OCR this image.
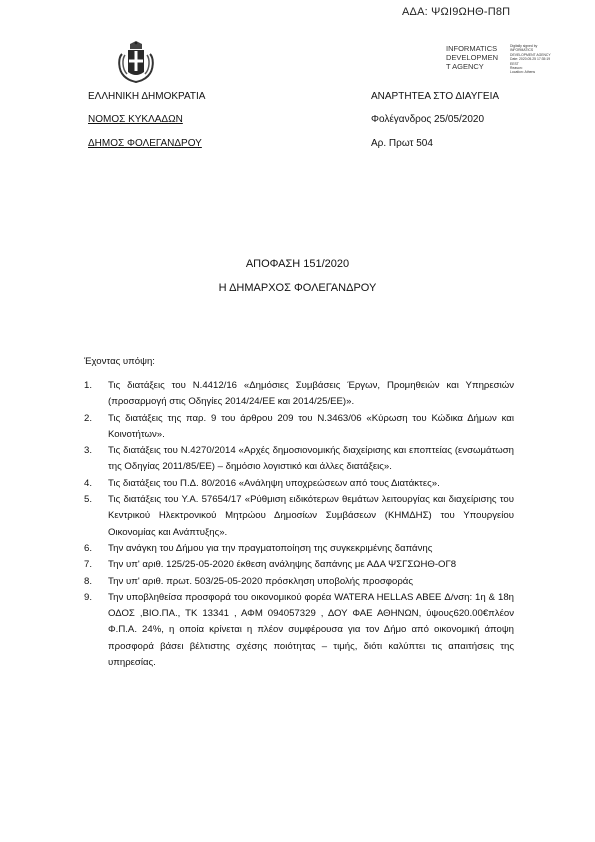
ΑΔΑ: ΨΩΙ9ΩΗΘ-Π8Π
INFORMATICS
DEVELOPMEN
T AGENCY
Digitally signed by
INFORMATICS
DEVELOPMENT AGENCY
Date: 2020.05.25 17:35:19
EEST
Reason:
Location: Athens
ΕΛΛΗΝΙΚΗ ΔΗΜΟΚΡΑΤΙΑ
ΝΟΜΟΣ ΚΥΚΛΑΔΩΝ
ΔΗΜΟΣ ΦΟΛΕΓΑΝΔΡΟΥ
ΑΝΑΡΤΗΤΕΑ ΣΤΟ ΔΙΑΥΓΕΙΑ
Φολέγανδρος 25/05/2020
Αρ. Πρωτ 504
ΑΠΟΦΑΣΗ 151/2020
Η ΔΗΜΑΡΧΟΣ ΦΟΛΕΓΑΝΔΡΟΥ
Έχοντας υπόψη:
1. Τις διατάξεις του Ν.4412/16 «Δημόσιες Συμβάσεις Έργων, Προμηθειών και Υπηρεσιών (προσαρμογή στις Οδηγίες 2014/24/ΕΕ και 2014/25/ΕΕ)».
2. Τις διατάξεις της παρ. 9 του άρθρου 209 του Ν.3463/06 «Κύρωση του Κώδικα Δήμων και Κοινοτήτων».
3. Τις διατάξεις του Ν.4270/2014 «Αρχές δημοσιονομικής διαχείρισης και εποπτείας (ενσωμάτωση της Οδηγίας 2011/85/ΕΕ) – δημόσιο λογιστικό και άλλες διατάξεις».
4. Τις διατάξεις του Π.Δ. 80/2016 «Ανάληψη υποχρεώσεων από τους Διατάκτες».
5. Τις διατάξεις του Υ.Α. 57654/17 «Ρύθμιση ειδικότερων θεμάτων λειτουργίας και διαχείρισης του Κεντρικού Ηλεκτρονικού Μητρώου Δημοσίων Συμβάσεων (ΚΗΜΔΗΣ) του Υπουργείου Οικονομίας και Ανάπτυξης».
6. Την ανάγκη του Δήμου για την πραγματοποίηση της συγκεκριμένης δαπάνης
7. Την υπ' αριθ. 125/25-05-2020 έκθεση ανάληψης δαπάνης με ΑΔΑ ΨΣΓΣΩΗΘ-ΟΓ8
8. Την υπ' αριθ. πρωτ. 503/25-05-2020 πρόσκληση υποβολής προσφοράς
9. Την υποβληθείσα προσφορά του οικονομικού φορέα WATERA HELLAS ABEE Δ/νση: 1η & 18η ΟΔΟΣ ,ΒΙΟ.ΠΑ., ΤΚ 13341 , ΑΦΜ 094057329 , ΔΟΥ ΦΑΕ ΑΘΗΝΩΝ, ύψους620.00€πλέον Φ.Π.Α. 24%, η οποία κρίνεται η πλέον συμφέρουσα για τον Δήμο από οικονομική άποψη προσφορά βάσει βέλτιστης σχέσης ποιότητας – τιμής, διότι καλύπτει τις απαιτήσεις της υπηρεσίας.
